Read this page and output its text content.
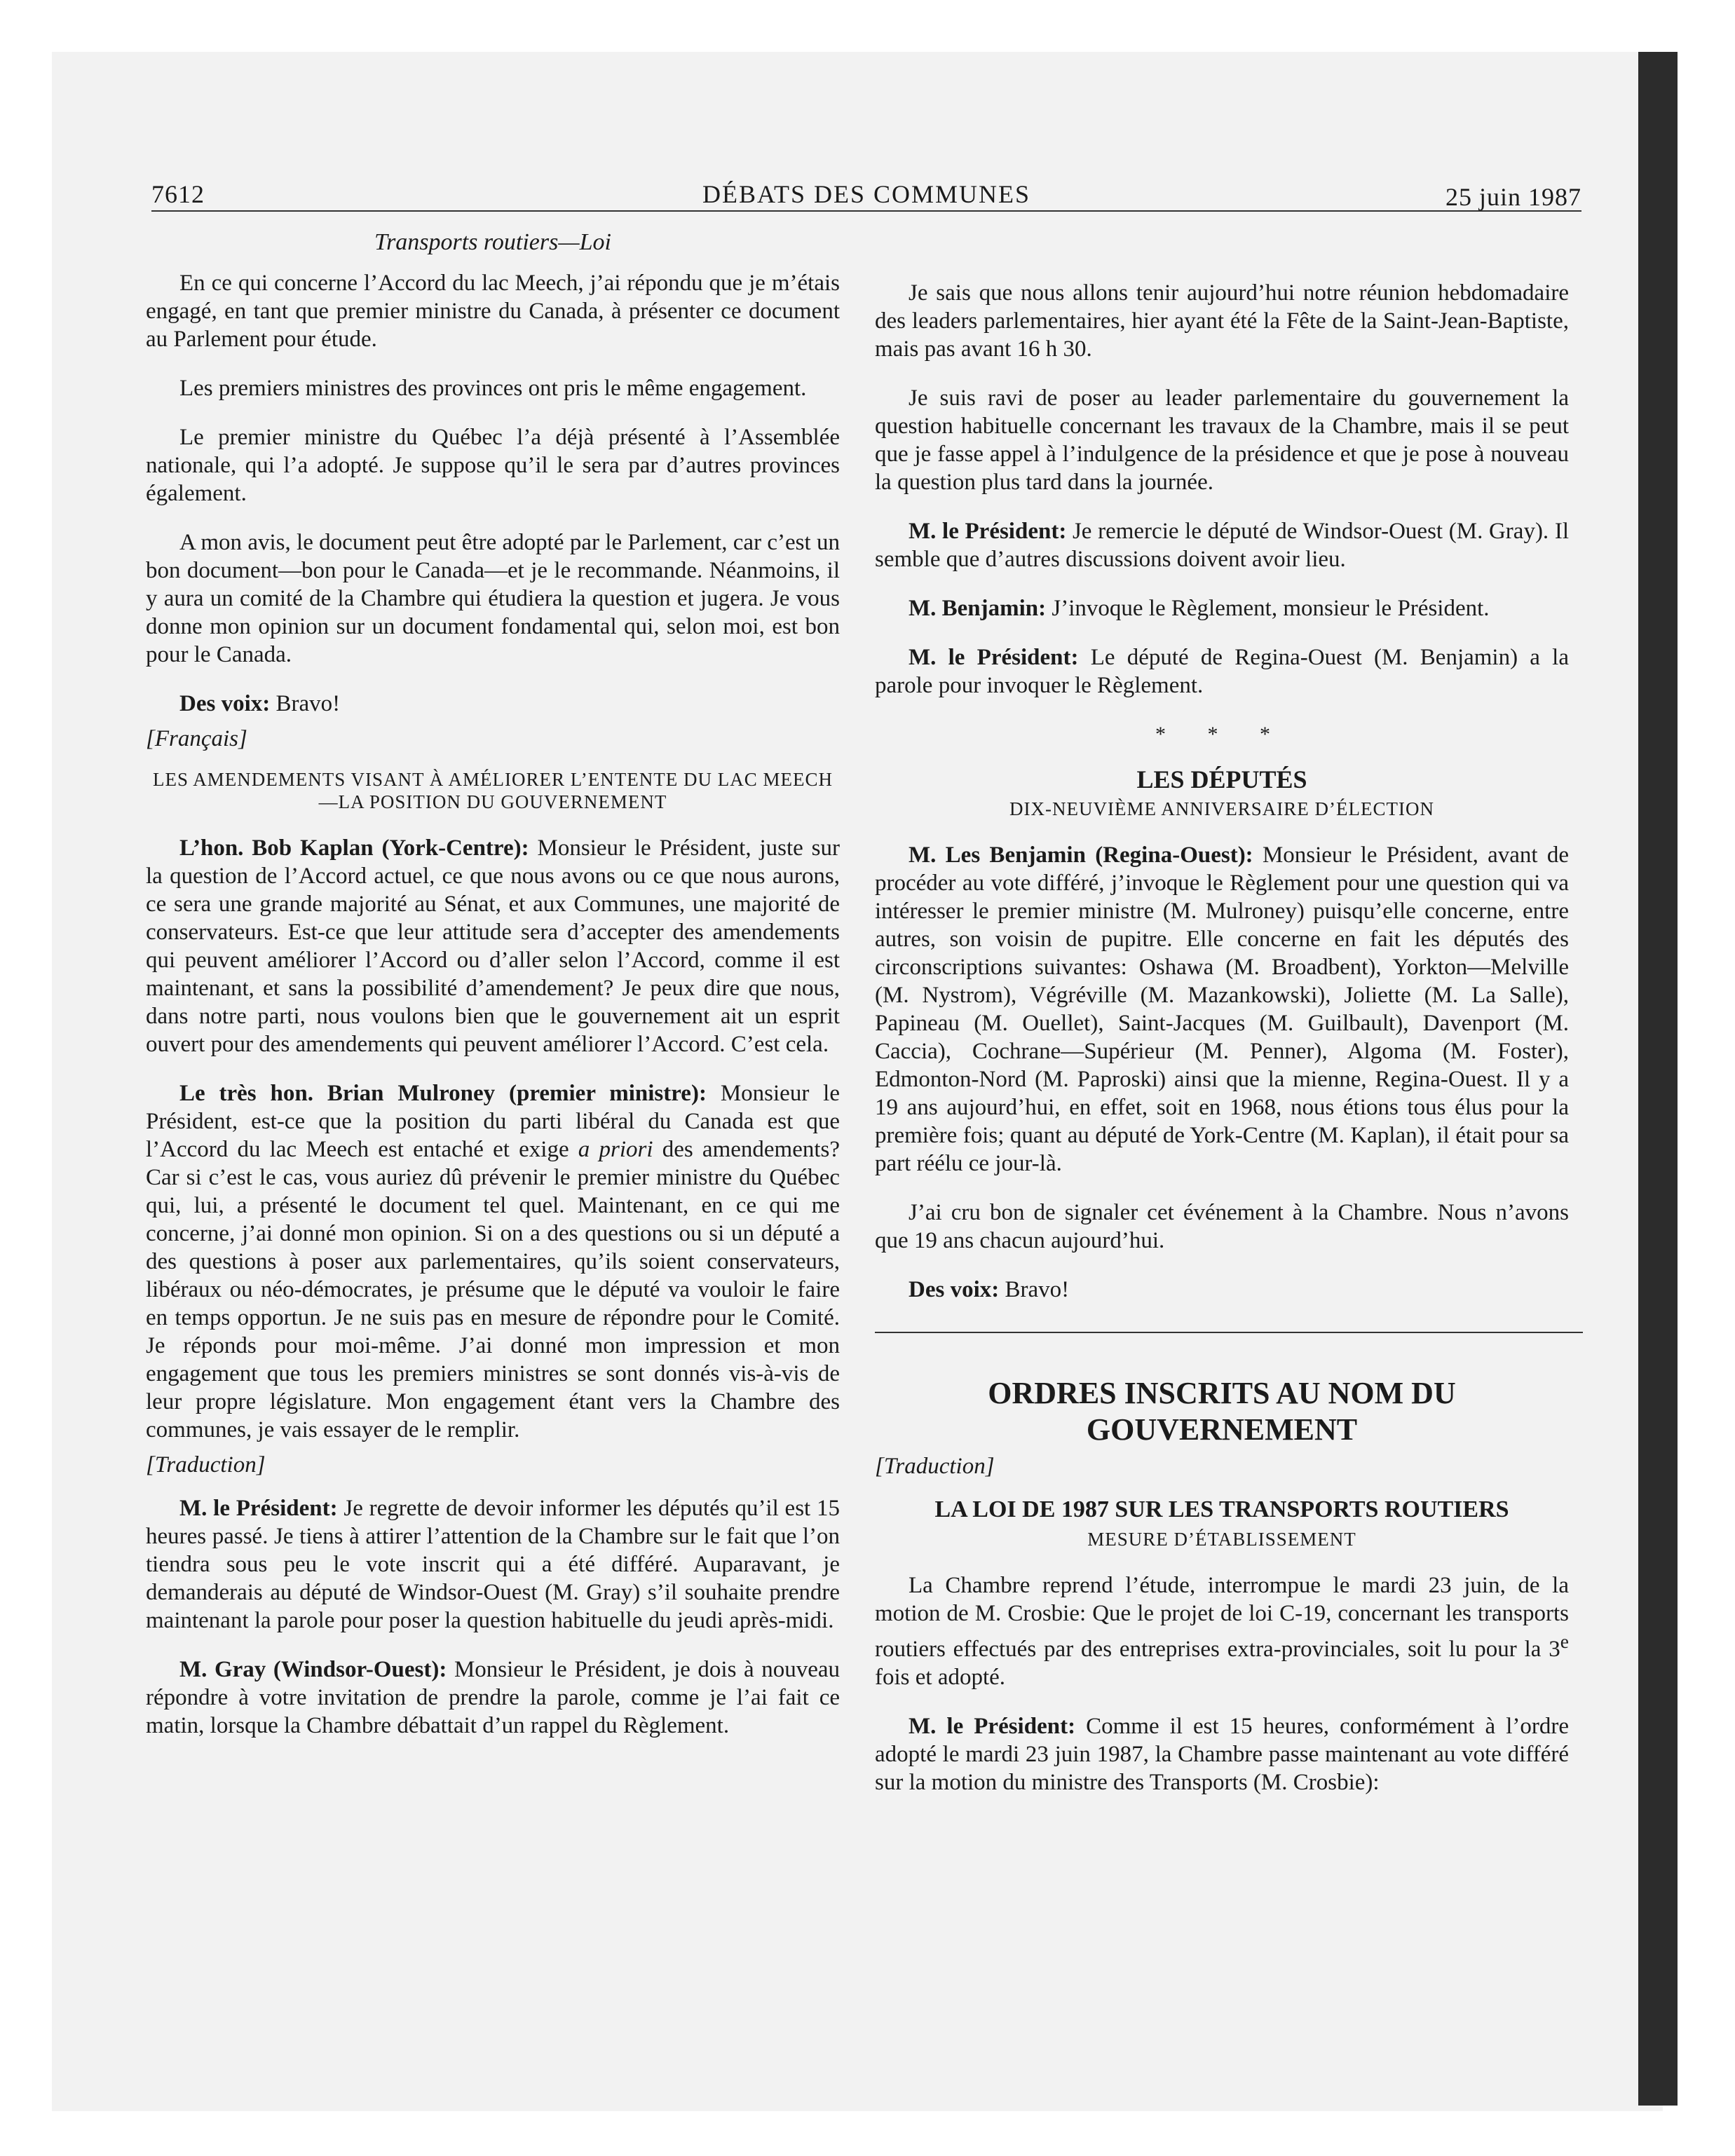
7612	DÉBATS DES COMMUNES	25 juin 1987
Transports routiers—Loi

En ce qui concerne l’Accord du lac Meech, j’ai répondu que je m’étais engagé, en tant que premier ministre du Canada, à présenter ce document au Parlement pour étude.

Les premiers ministres des provinces ont pris le même engagement.

Le premier ministre du Québec l’a déjà présenté à l’Assemblée nationale, qui l’a adopté. Je suppose qu’il le sera par d’autres provinces également.

A mon avis, le document peut être adopté par le Parlement, car c’est un bon document—bon pour le Canada—et je le recommande. Néanmoins, il y aura un comité de la Chambre qui étudiera la question et jugera. Je vous donne mon opinion sur un document fondamental qui, selon moi, est bon pour le Canada.

Des voix: Bravo!

[Français]
LES AMENDEMENTS VISANT À AMÉLIORER L’ENTENTE DU LAC MEECH—LA POSITION DU GOUVERNEMENT

L’hon. Bob Kaplan (York-Centre): Monsieur le Président, juste sur la question de l’Accord actuel, ce que nous avons ou ce que nous aurons, ce sera une grande majorité au Sénat, et aux Communes, une majorité de conservateurs. Est-ce que leur attitude sera d’accepter des amendements qui peuvent améliorer l’Accord ou d’aller selon l’Accord, comme il est maintenant, et sans la possibilité d’amendement? Je peux dire que nous, dans notre parti, nous voulons bien que le gouvernement ait un esprit ouvert pour des amendements qui peuvent améliorer l’Accord. C’est cela.

Le très hon. Brian Mulroney (premier ministre): Monsieur le Président, est-ce que la position du parti libéral du Canada est que l’Accord du lac Meech est entaché et exige a priori des amendements? Car si c’est le cas, vous auriez dû prévenir le premier ministre du Québec qui, lui, a présenté le document tel quel. Maintenant, en ce qui me concerne, j’ai donné mon opinion. Si on a des questions ou si un député a des questions à poser aux parlementaires, qu’ils soient conservateurs, libéraux ou néo-démocrates, je présume que le député va vouloir le faire en temps opportun. Je ne suis pas en mesure de répondre pour le Comité. Je réponds pour moi-même. J’ai donné mon impression et mon engagement que tous les premiers ministres se sont donnés vis-à-vis de leur propre législature. Mon engagement étant vers la Chambre des communes, je vais essayer de le remplir.

[Traduction]

M. le Président: Je regrette de devoir informer les députés qu’il est 15 heures passé. Je tiens à attirer l’attention de la Chambre sur le fait que l’on tiendra sous peu le vote inscrit qui a été différé. Auparavant, je demanderais au député de Windsor-Ouest (M. Gray) s’il souhaite prendre maintenant la parole pour poser la question habituelle du jeudi après-midi.

M. Gray (Windsor-Ouest): Monsieur le Président, je dois à nouveau répondre à votre invitation de prendre la parole, comme je l’ai fait ce matin, lorsque la Chambre débattait d’un rappel du Règlement.

Je sais que nous allons tenir aujourd’hui notre réunion hebdomadaire des leaders parlementaires, hier ayant été la Fête de la Saint-Jean-Baptiste, mais pas avant 16 h 30.

Je suis ravi de poser au leader parlementaire du gouvernement la question habituelle concernant les travaux de la Chambre, mais il se peut que je fasse appel à l’indulgence de la présidence et que je pose à nouveau la question plus tard dans la journée.

M. le Président: Je remercie le député de Windsor-Ouest (M. Gray). Il semble que d’autres discussions doivent avoir lieu.

M. Benjamin: J’invoque le Règlement, monsieur le Président.

M. le Président: Le député de Regina-Ouest (M. Benjamin) a la parole pour invoquer le Règlement.

* * *
LES DÉPUTÉS
DIX-NEUVIÈME ANNIVERSAIRE D’ÉLECTION

M. Les Benjamin (Regina-Ouest): Monsieur le Président, avant de procéder au vote différé, j’invoque le Règlement pour une question qui va intéresser le premier ministre (M. Mulroney) puisqu’elle concerne, entre autres, son voisin de pupitre. Elle concerne en fait les députés des circonscriptions suivantes: Oshawa (M. Broadbent), Yorkton—Melville (M. Nystrom), Végréville (M. Mazankowski), Joliette (M. La Salle), Papineau (M. Ouellet), Saint-Jacques (M. Guilbault), Davenport (M. Caccia), Cochrane—Supérieur (M. Penner), Algoma (M. Foster), Edmonton-Nord (M. Paproski) ainsi que la mienne, Regina-Ouest. Il y a 19 ans aujourd’hui, en effet, soit en 1968, nous étions tous élus pour la première fois; quant au député de York-Centre (M. Kaplan), il était pour sa part réélu ce jour-là.

J’ai cru bon de signaler cet événement à la Chambre. Nous n’avons que 19 ans chacun aujourd’hui.

Des voix: Bravo!

ORDRES INSCRITS AU NOM DU GOUVERNEMENT
[Traduction]
LA LOI DE 1987 SUR LES TRANSPORTS ROUTIERS
MESURE D’ÉTABLISSEMENT

La Chambre reprend l’étude, interrompue le mardi 23 juin, de la motion de M. Crosbie: Que le projet de loi C-19, concernant les transports routiers effectués par des entreprises extra-provinciales, soit lu pour la 3e fois et adopté.

M. le Président: Comme il est 15 heures, conformément à l’ordre adopté le mardi 23 juin 1987, la Chambre passe maintenant au vote différé sur la motion du ministre des Transports (M. Crosbie):
